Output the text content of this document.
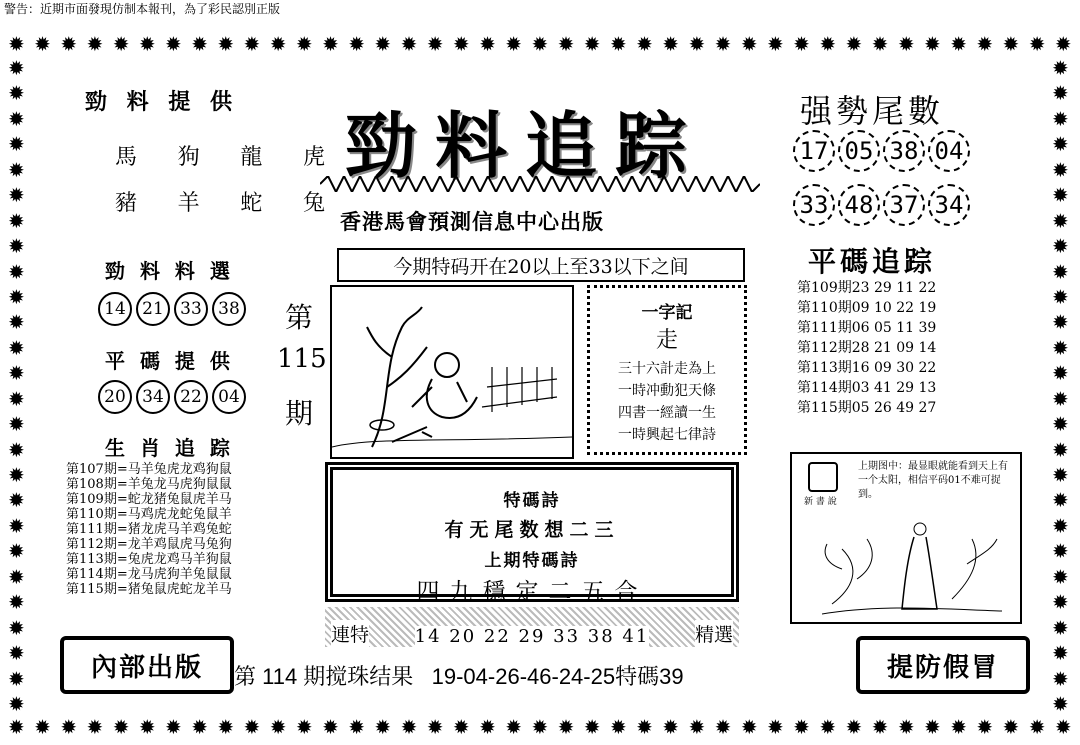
警告：近期市面發現仿制本報刊，為了彩民認別正版
✹ ✹ ✹ ✹ ✹ ✹ ✹ ✹ ✹ ✹ ✹ ✹ ✹ ✹ ✹ ✹ ✹ ✹ ✹ ✹ ✹ ✹ ✹ ✹ ✹ ✹ ✹ ✹ ✹ ✹ ✹ ✹ ✹ ✹ ✹ ✹ ✹ ✹ ✹ ✹ ✹
✹ ✹ ✹ ✹ ✹ ✹ ✹ ✹ ✹ ✹ ✹ ✹ ✹ ✹ ✹ ✹ ✹ ✹ ✹ ✹ ✹ ✹ ✹ ✹ ✹ ✹ ✹ ✹ ✹ ✹ ✹ ✹ ✹ ✹ ✹ ✹ ✹ ✹ ✹ ✹ ✹
✹
✹
✹
✹
✹
✹
✹
✹
✹
✹
✹
✹
✹
✹
✹
✹
✹
✹
✹
✹
✹
✹
✹
✹
✹
✹
✹
✹
✹
✹
✹
✹
✹
✹
✹
✹
✹
✹
✹
✹
✹
✹
✹
✹
✹
✹
✹
✹
✹
✹
✹
✹
勁 料 提 供
馬 狗 龍 虎
豬 羊 蛇 兔
勁料追踪
香港馬會預測信息中心出版
今期特码开在20以上至33以下之间
强勢尾數
17 05 38 04
33 48 37 34
勁 料 料 選
14 21 33 38
平 碼 提 供
20 34 22 04
第
115
期
生 肖 追 踪
第107期=马羊兔虎龙鸡狗鼠
第108期=羊兔龙马虎狗鼠鼠
第109期=蛇龙猪兔鼠虎羊马
第110期=马鸡虎龙蛇兔鼠羊
第111期=猪龙虎马羊鸡兔蛇
第112期=龙羊鸡鼠虎马兔狗
第113期=兔虎龙鸡马羊狗鼠
第114期=龙马虎狗羊兔鼠鼠
第115期=猪兔鼠虎蛇龙羊马
一字記
走
三十六計走為上
一時冲動犯天條
四書一經讀一生
一時興起七律詩
平碼追踪
第109期23 29 11 22
第110期09 10 22 19
第111期06 05 11 39
第112期28 21 09 14
第113期16 09 30 22
第114期03 41 29 13
第115期05 26 49 27
特碼詩
有无尾数想二三
上期特碼詩
四九穩定二五合
新 書 說
上期图中：最显眼就能看到天上有一个太阳，相信平码01不难可捉到。
連特	14 20 22 29 33 38 41 精選
內部出版 第 114 期搅珠结果   19-04-26-46-24-25特碼39	提防假冒
